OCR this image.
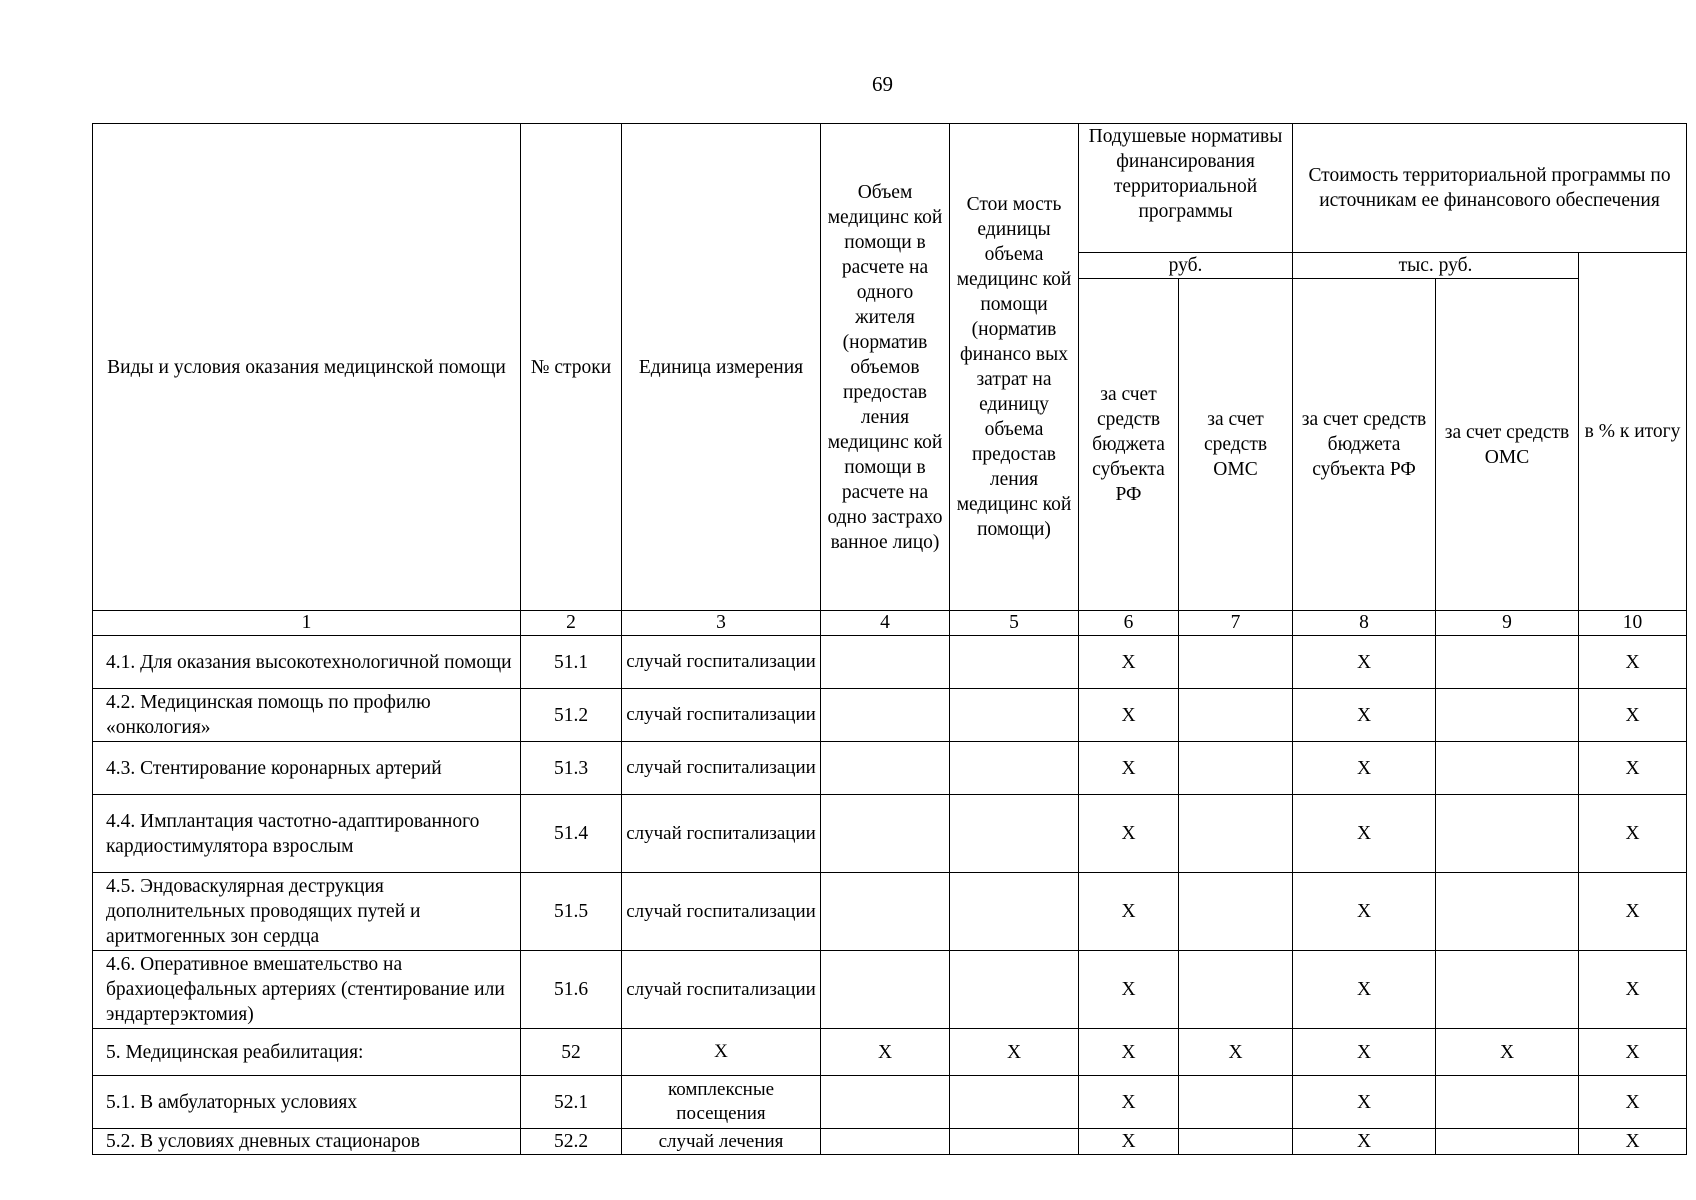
69
Виды и условия оказания медицинской помощи	№ строки	Единица измерения	Объем медицинс кой помощи в расчете на одного жителя (норматив объемов предостав ления медицинс кой помощи в расчете на одно застрахо ванное лицо)	Стои мость единицы объема медицинс кой помощи (норматив финансо вых затрат на единицу объема предостав ления медицинс кой помощи)	Подушевые нормативы финансирования территориальной программы		Стоимость территориальной программы по источникам ее финансового обеспечения		
					руб.		тыс. руб.		в % к итогу
					за счет средств бюджета субъекта РФ	за счет средств ОМС	за счет средств бюджета субъекта РФ	за счет средств ОМС	
1	2	3	4	5	6	7	8	9	10
4.1. Для оказания высокотехнологичной помощи	51.1	случай госпитализации			Х		Х		Х
4.2. Медицинская помощь по профилю «онкология»	51.2	случай госпитализации			Х		Х		Х
4.3. Стентирование коронарных артерий	51.3	случай госпитализации			Х		Х		Х
4.4. Имплантация частотно-адаптированного кардиостимулятора взрослым	51.4	случай госпитализации			Х		Х		Х
4.5. Эндоваскулярная деструкция дополнительных проводящих путей и аритмогенных зон сердца	51.5	случай госпитализации			Х		Х		Х
4.6. Оперативное вмешательство на брахиоцефальных артериях (стентирование или эндартерэктомия)	51.6	случай госпитализации			Х		Х		Х
5. Медицинская реабилитация:	52	Х	Х	Х	Х	Х	Х	Х	Х
5.1. В амбулаторных условиях	52.1	комплексные посещения			Х		Х		Х
5.2. В условиях дневных стационаров	52.2	случай лечения			Х		Х		Х
